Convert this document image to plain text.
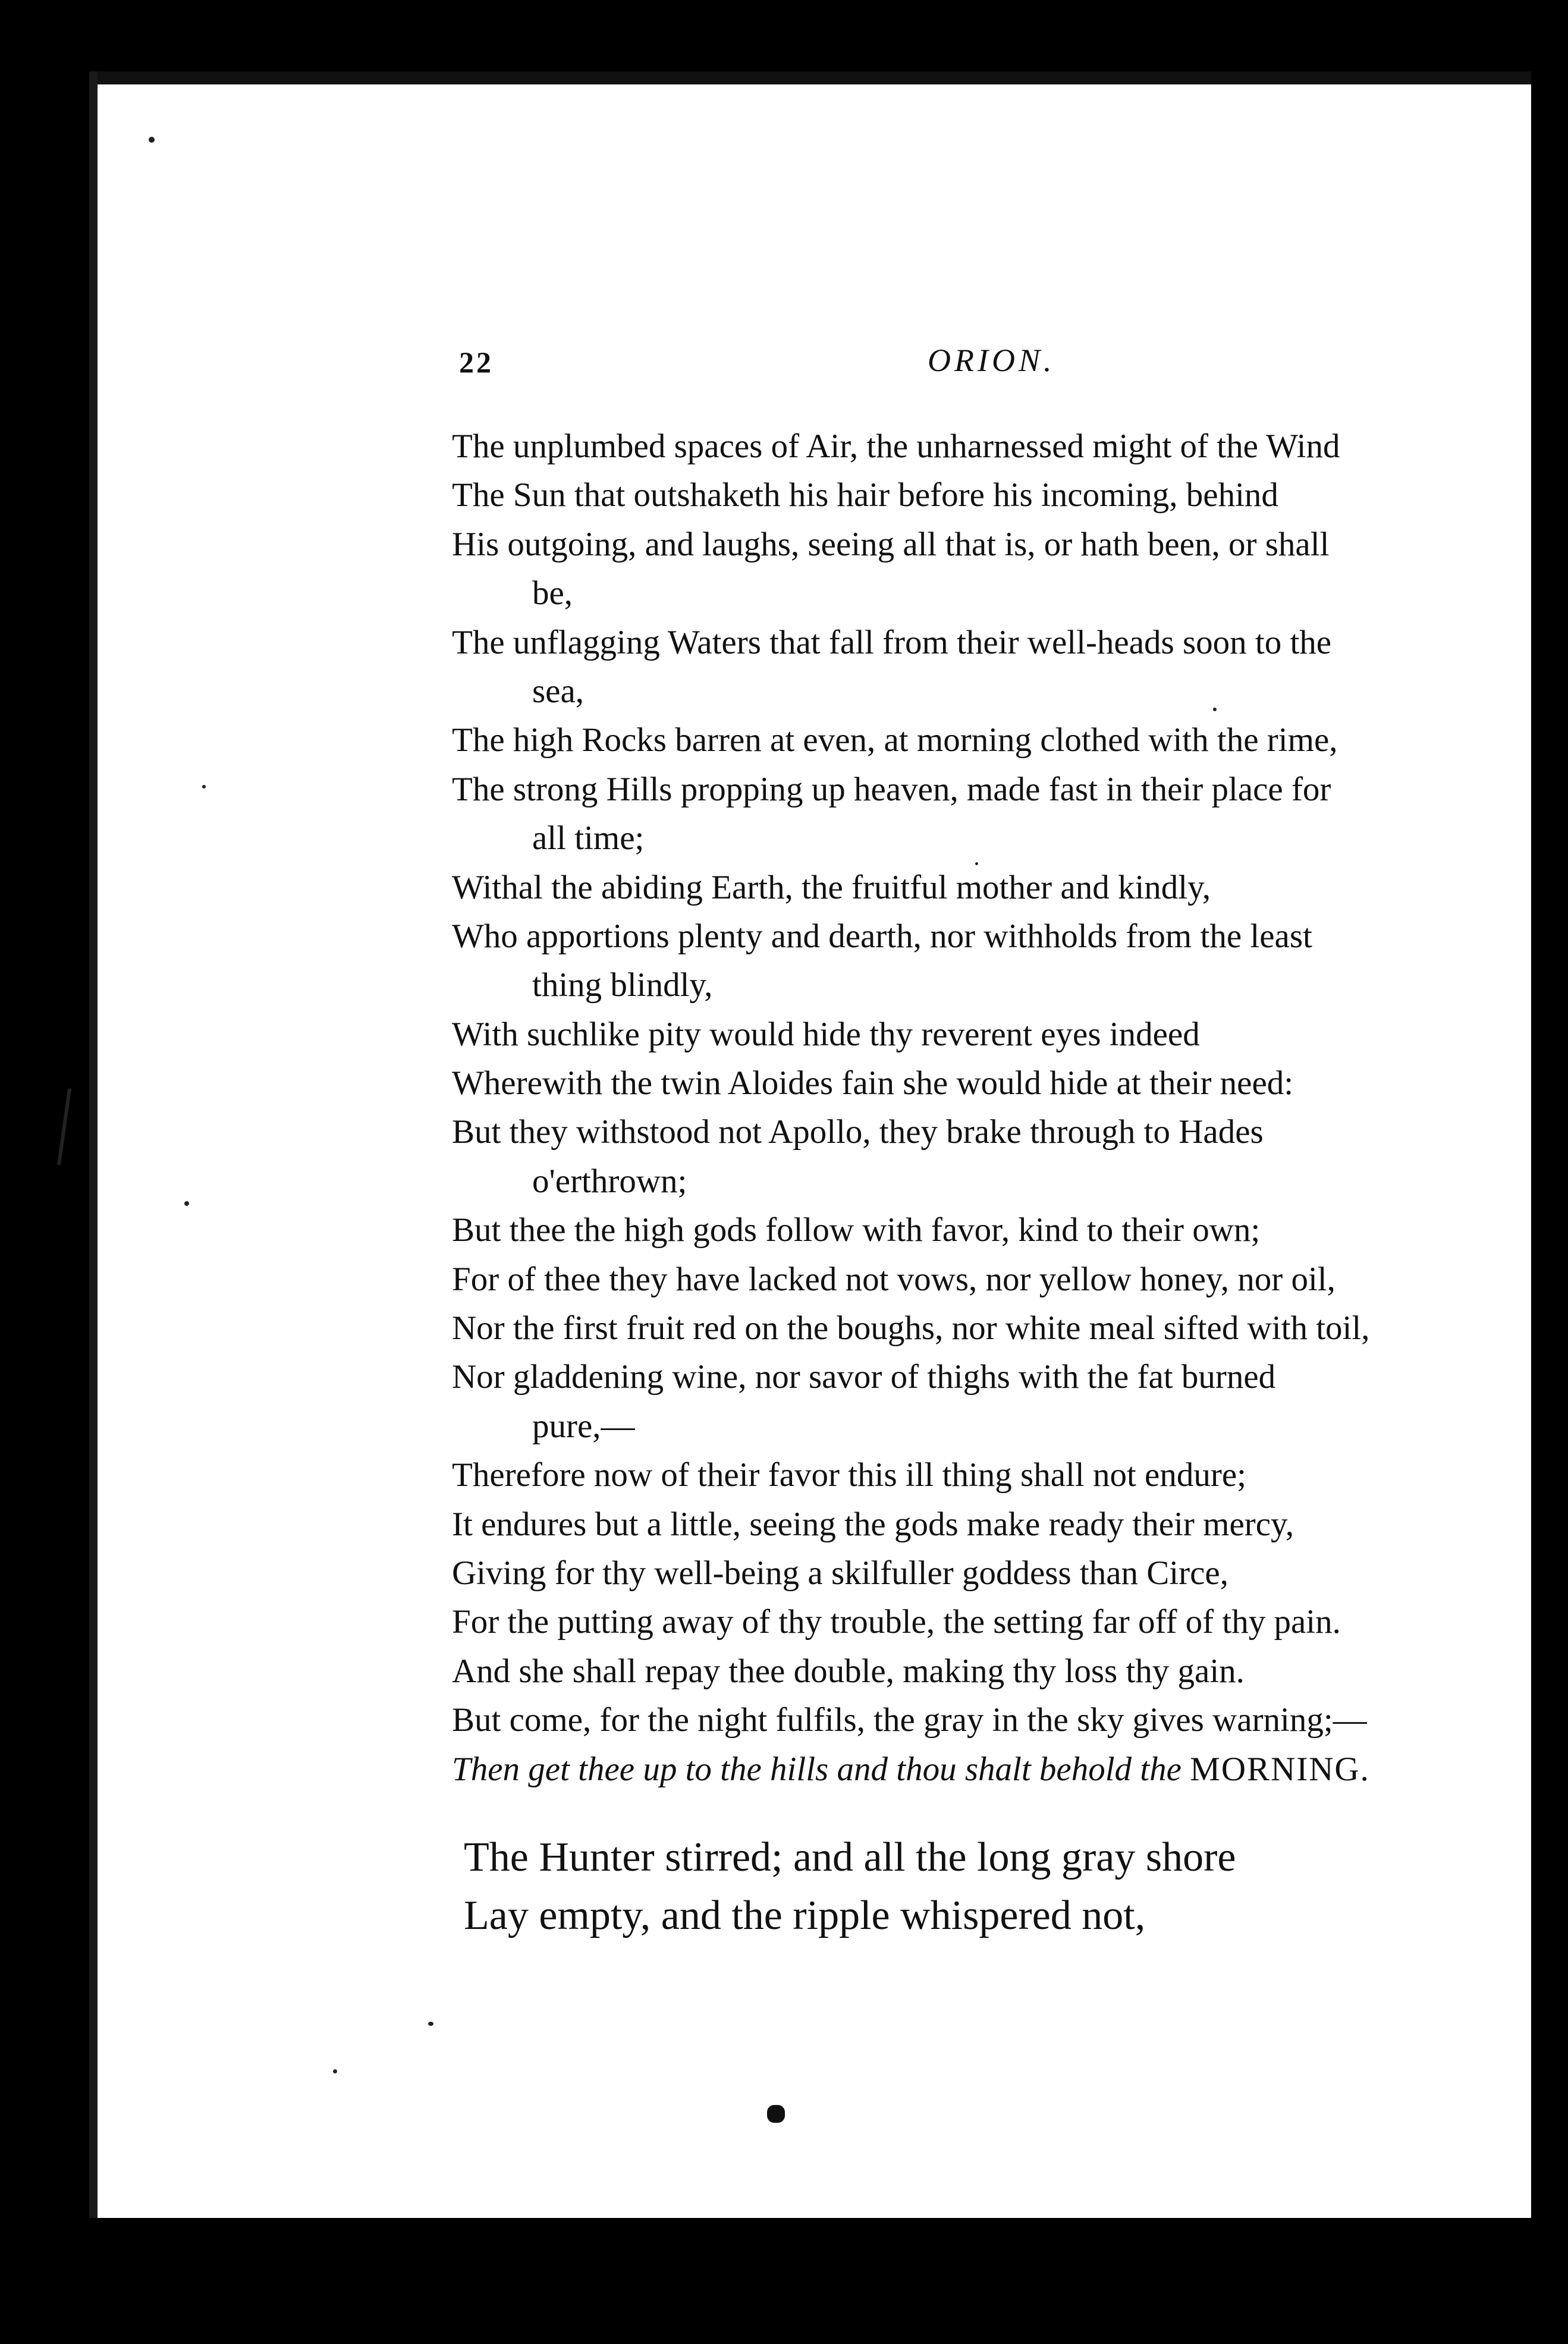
22	ORION.
The unplumbed spaces of Air, the unharnessed might of the Wind
The Sun that outshaketh his hair before his incoming, behind
His outgoing, and laughs, seeing all that is, or hath been, or shall
be,
The unflagging Waters that fall from their well-heads soon to the
sea,
The high Rocks barren at even, at morning clothed with the rime,
The strong Hills propping up heaven, made fast in their place for
all time;
Withal the abiding Earth, the fruitful mother and kindly,
Who apportions plenty and dearth, nor withholds from the least
thing blindly,
With suchlike pity would hide thy reverent eyes indeed
Wherewith the twin Aloides fain she would hide at their need:
But they withstood not Apollo, they brake through to Hades
o'erthrown;
But thee the high gods follow with favor, kind to their own;
For of thee they have lacked not vows, nor yellow honey, nor oil,
Nor the first fruit red on the boughs, nor white meal sifted with toil,
Nor gladdening wine, nor savor of thighs with the fat burned
pure,—
Therefore now of their favor this ill thing shall not endure;
It endures but a little, seeing the gods make ready their mercy,
Giving for thy well-being a skilfuller goddess than Circe,
For the putting away of thy trouble, the setting far off of thy pain.
And she shall repay thee double, making thy loss thy gain.
But come, for the night fulfils, the gray in the sky gives warning;—
Then get thee up to the hills and thou shalt behold the MORNING.
The Hunter stirred; and all the long gray shore
Lay empty, and the ripple whispered not,
